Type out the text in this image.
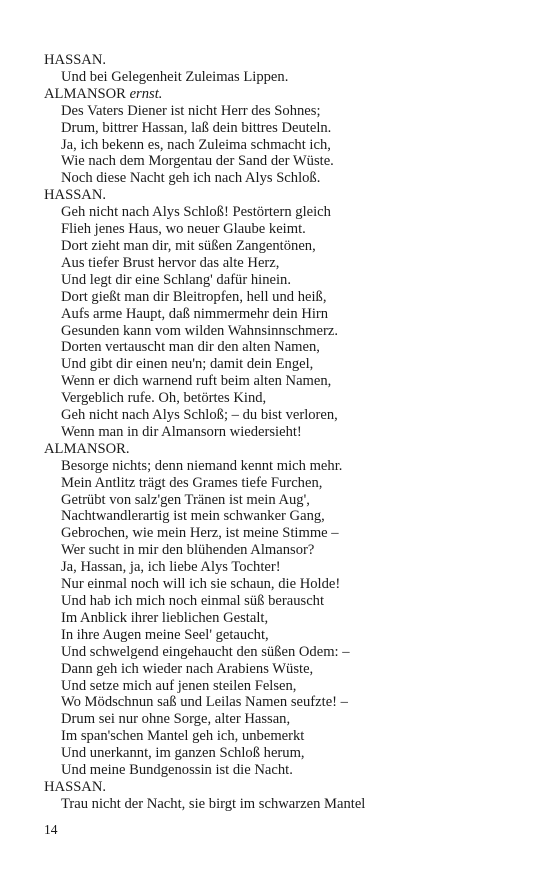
HASSAN.
Und bei Gelegenheit Zuleimas Lippen.
ALMANSOR ernst.
Des Vaters Diener ist nicht Herr des Sohnes;
Drum, bittrer Hassan, laß dein bittres Deuteln.
Ja, ich bekenn es, nach Zuleima schmacht ich,
Wie nach dem Morgentau der Sand der Wüste.
Noch diese Nacht geh ich nach Alys Schloß.
HASSAN.
Geh nicht nach Alys Schloß! Pestörtern gleich
Flieh jenes Haus, wo neuer Glaube keimt.
Dort zieht man dir, mit süßen Zangentönen,
Aus tiefer Brust hervor das alte Herz,
Und legt dir eine Schlang' dafür hinein.
Dort gießt man dir Bleitropfen, hell und heiß,
Aufs arme Haupt, daß nimmermehr dein Hirn
Gesunden kann vom wilden Wahnsinnschmerz.
Dorten vertauscht man dir den alten Namen,
Und gibt dir einen neu'n; damit dein Engel,
Wenn er dich warnend ruft beim alten Namen,
Vergeblich rufe. Oh, betörtes Kind,
Geh nicht nach Alys Schloß; – du bist verloren,
Wenn man in dir Almansorn wiedersieht!
ALMANSOR.
Besorge nichts; denn niemand kennt mich mehr.
Mein Antlitz trägt des Grames tiefe Furchen,
Getrübt von salz'gen Tränen ist mein Aug',
Nachtwandlerartig ist mein schwanker Gang,
Gebrochen, wie mein Herz, ist meine Stimme –
Wer sucht in mir den blühenden Almansor?
Ja, Hassan, ja, ich liebe Alys Tochter!
Nur einmal noch will ich sie schaun, die Holde!
Und hab ich mich noch einmal süß berauscht
Im Anblick ihrer lieblichen Gestalt,
In ihre Augen meine Seel' getaucht,
Und schwelgend eingehaucht den süßen Odem: –
Dann geh ich wieder nach Arabiens Wüste,
Und setze mich auf jenen steilen Felsen,
Wo Mödschnun saß und Leilas Namen seufzte! –
Drum sei nur ohne Sorge, alter Hassan,
Im span'schen Mantel geh ich, unbemerkt
Und unerkannt, im ganzen Schloß herum,
Und meine Bundgenossin ist die Nacht.
HASSAN.
Trau nicht der Nacht, sie birgt im schwarzen Mantel
14
